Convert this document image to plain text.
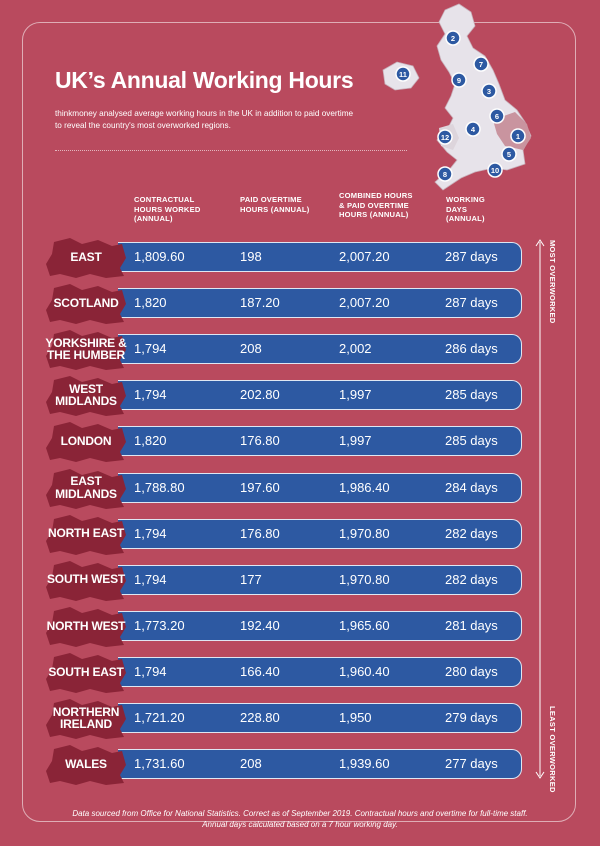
UK’s Annual Working Hours
thinkmoney analysed average working hours in the UK in addition to paid overtime to reveal the country's most overworked regions.
2
7
11
9
3
4
6
1
12
5
8	10
CONTRACTUAL HOURS WORKED (ANNUAL)
PAID OVERTIME HOURS (ANNUAL)
COMBINED HOURS & PAID OVERTIME HOURS (ANNUAL)
WORKING DAYS (ANNUAL)
EAST	1,809.60	198	2,007.20	287 days
SCOTLAND	1,820	187.20	2,007.20	287 days
YORKSHIRE & THE HUMBER 1,794	208	2,002	286 days
WEST MIDLANDS	1,794	202.80	1,997	285 days
LONDON	1,820	176.80	1,997	285 days
EAST MIDLANDS	1,788.80	197.60	1,986.40	284 days
NORTH EAST 1,794	176.80	1,970.80	282 days
SOUTH WEST 1,794	177	1,970.80	282 days
NORTH WEST 1,773.20	192.40	1,965.60	281 days
SOUTH EAST 1,794	166.40	1,960.40	280 days
NORTHERN IRELAND	1,721.20	228.80	1,950	279 days
WALES	1,731.60	208	1,939.60	277 days
MOST OVERWORKED
LEAST OVERWORKED
Data sourced from Office for National Statistics. Correct as of September 2019. Contractual hours and overtime for full-time staff. Annual days calculated based on a 7 hour working day.
